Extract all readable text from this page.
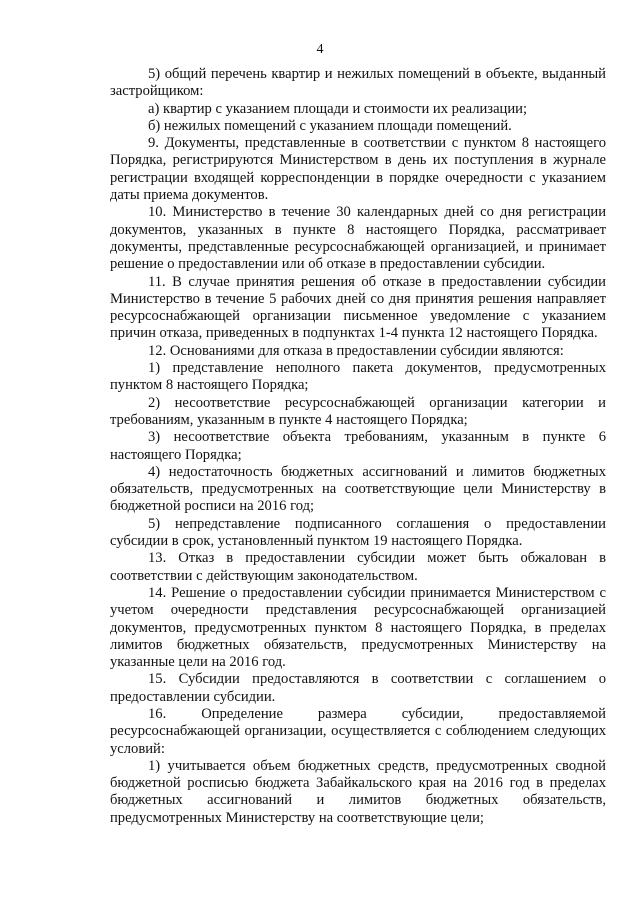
4

5) общий перечень квартир и нежилых помещений в объекте, выданный застройщиком:

а) квартир с указанием площади и стоимости их реализации;

б) нежилых помещений с указанием площади помещений.

9. Документы, представленные в соответствии с пунктом 8 настоящего Порядка, регистрируются Министерством в день их поступления в журнале регистрации входящей корреспонденции в порядке очередности с указанием даты приема документов.

10. Министерство в течение 30 календарных дней со дня регистрации документов, указанных в пункте 8 настоящего Порядка, рассматривает документы, представленные ресурсоснабжающей организацией, и принимает решение о предоставлении или об отказе в предоставлении субсидии.

11. В случае принятия решения об отказе в предоставлении субсидии Министерство в течение 5 рабочих дней со дня принятия решения направляет ресурсоснабжающей организации письменное уведомление с указанием причин отказа, приведенных в подпунктах 1-4 пункта 12 настоящего Порядка.

12. Основаниями для отказа в предоставлении субсидии являются:

1) представление неполного пакета документов, предусмотренных пунктом 8 настоящего Порядка;

2) несоответствие ресурсоснабжающей организации категории и требованиям, указанным в пункте 4 настоящего Порядка;

3) несоответствие объекта требованиям, указанным в пункте 6 настоящего Порядка;

4) недостаточность бюджетных ассигнований и лимитов бюджетных обязательств, предусмотренных на соответствующие цели Министерству в бюджетной росписи на 2016 год;

5) непредставление подписанного соглашения о предоставлении субсидии в срок, установленный пунктом 19 настоящего Порядка.

13. Отказ в предоставлении субсидии может быть обжалован в соответствии с действующим законодательством.

14. Решение о предоставлении субсидии принимается Министерством с учетом очередности представления ресурсоснабжающей организацией документов, предусмотренных пунктом 8 настоящего Порядка, в пределах лимитов бюджетных обязательств, предусмотренных Министерству на указанные цели на 2016 год.

15. Субсидии предоставляются в соответствии с соглашением о предоставлении субсидии.

16. Определение размера субсидии, предоставляемой ресурсоснабжающей организации, осуществляется с соблюдением следующих условий:

1) учитывается объем бюджетных средств, предусмотренных сводной бюджетной росписью бюджета Забайкальского края на 2016 год в пределах бюджетных ассигнований и лимитов бюджетных обязательств, предусмотренных Министерству на соответствующие цели;
